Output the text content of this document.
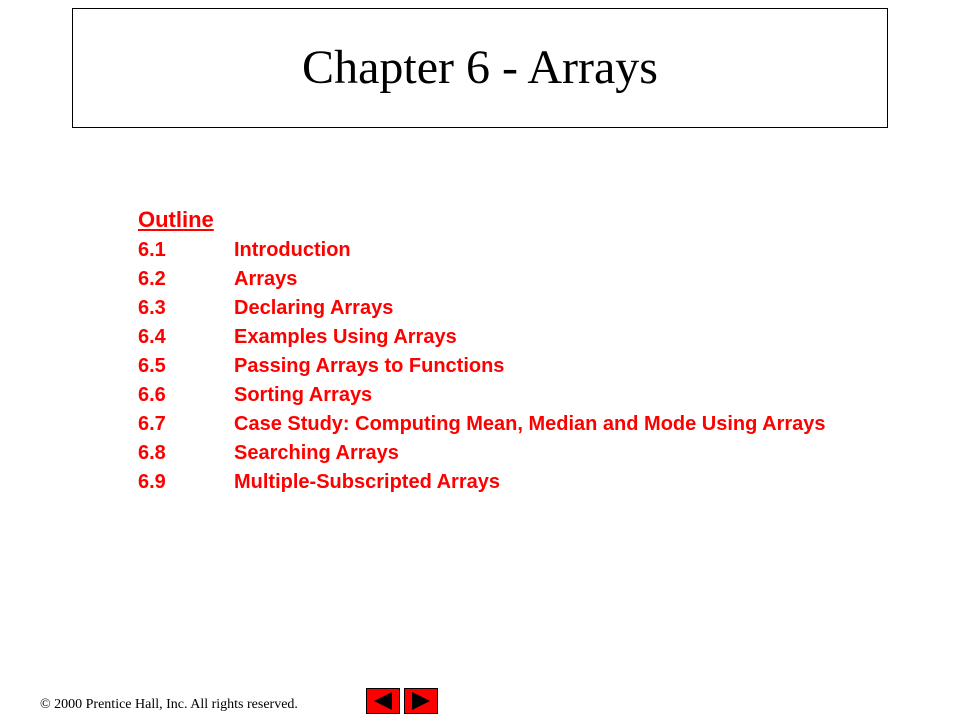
Chapter 6 - Arrays
Outline
6.1	Introduction
6.2	Arrays
6.3	Declaring Arrays
6.4	Examples Using Arrays
6.5	Passing Arrays to Functions
6.6	Sorting Arrays
6.7	Case Study: Computing Mean, Median and Mode Using Arrays
6.8	Searching Arrays
6.9	Multiple-Subscripted Arrays
© 2000 Prentice Hall, Inc. All rights reserved.
